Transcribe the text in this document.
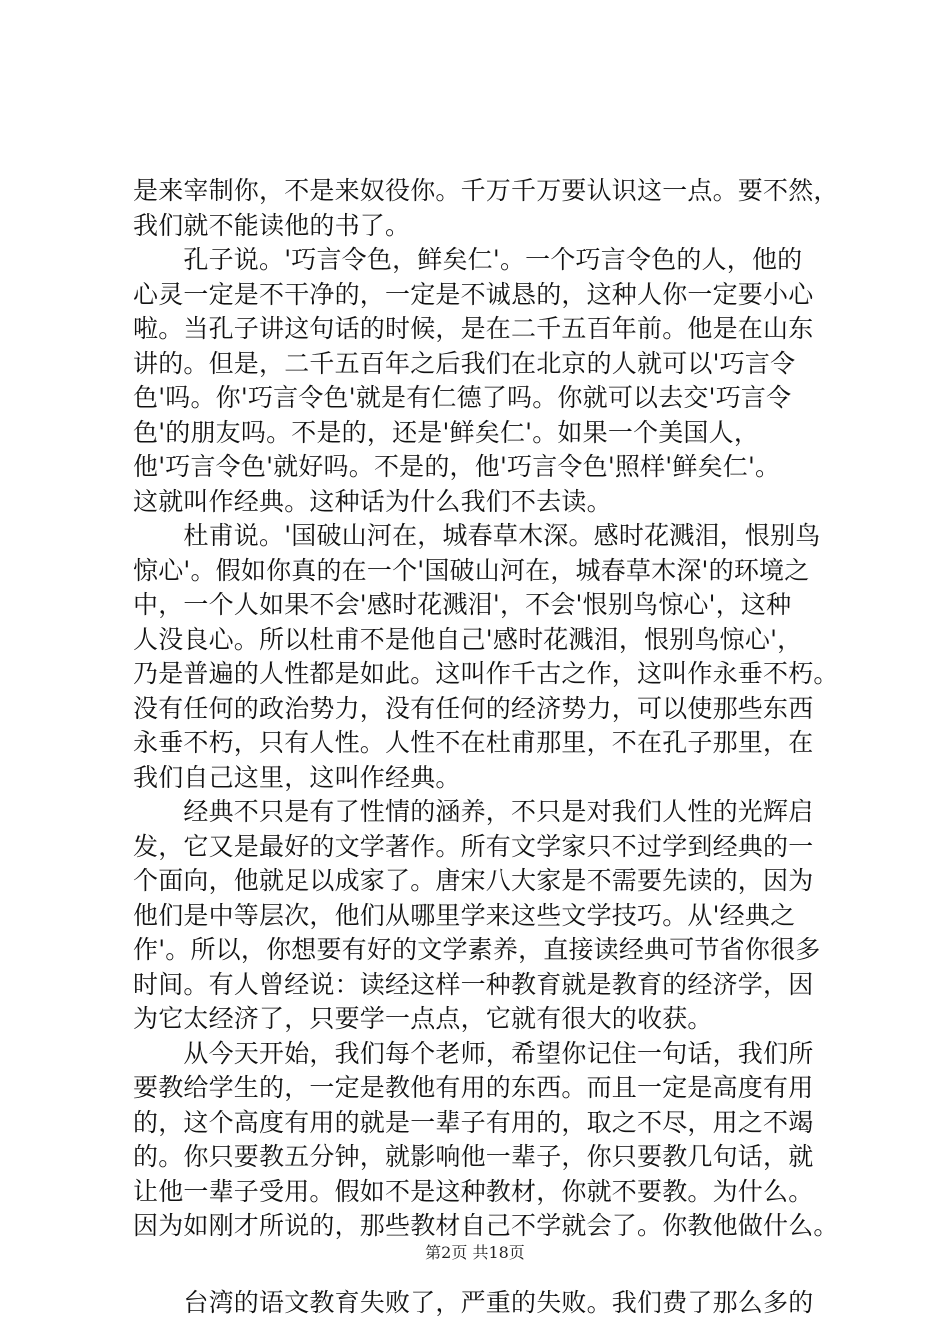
是来宰制你，不是来奴役你。千万千万要认识这一点。要不然，
我们就不能读他的书了。
　　孔子说。'巧言令色，鲜矣仁'。一个巧言令色的人，他的
心灵一定是不干净的，一定是不诚恳的，这种人你一定要小心
啦。当孔子讲这句话的时候，是在二千五百年前。他是在山东
讲的。但是，二千五百年之后我们在北京的人就可以'巧言令
色'吗。你'巧言令色'就是有仁德了吗。你就可以去交'巧言令
色'的朋友吗。不是的，还是'鲜矣仁'。如果一个美国人，
他'巧言令色'就好吗。不是的，他'巧言令色'照样'鲜矣仁'。
这就叫作经典。这种话为什么我们不去读。
　　杜甫说。'国破山河在，城春草木深。感时花溅泪，恨别鸟
惊心'。假如你真的在一个'国破山河在，城春草木深'的环境之
中，一个人如果不会'感时花溅泪'，不会'恨别鸟惊心'，这种
人没良心。所以杜甫不是他自己'感时花溅泪，恨别鸟惊心'，
乃是普遍的人性都是如此。这叫作千古之作，这叫作永垂不朽。
没有任何的政治势力，没有任何的经济势力，可以使那些东西
永垂不朽，只有人性。人性不在杜甫那里，不在孔子那里，在
我们自己这里，这叫作经典。
　　经典不只是有了性情的涵养，不只是对我们人性的光辉启
发，它又是最好的文学著作。所有文学家只不过学到经典的一
个面向，他就足以成家了。唐宋八大家是不需要先读的，因为
他们是中等层次，他们从哪里学来这些文学技巧。从'经典之
作'。所以，你想要有好的文学素养，直接读经典可节省你很多
时间。有人曾经说：读经这样一种教育就是教育的经济学，因
为它太经济了，只要学一点点，它就有很大的收获。
　　从今天开始，我们每个老师，希望你记住一句话，我们所
要教给学生的，一定是教他有用的东西。而且一定是高度有用
的，这个高度有用的就是一辈子有用的，取之不尽，用之不竭
的。你只要教五分钟，就影响他一辈子，你只要教几句话，就
让他一辈子受用。假如不是这种教材，你就不要教。为什么。
因为如刚才所说的，那些教材自己不学就会了。你教他做什么。
　　台湾的语文教育失败了，严重的失败。我们费了那么多的
第2页 共18页
